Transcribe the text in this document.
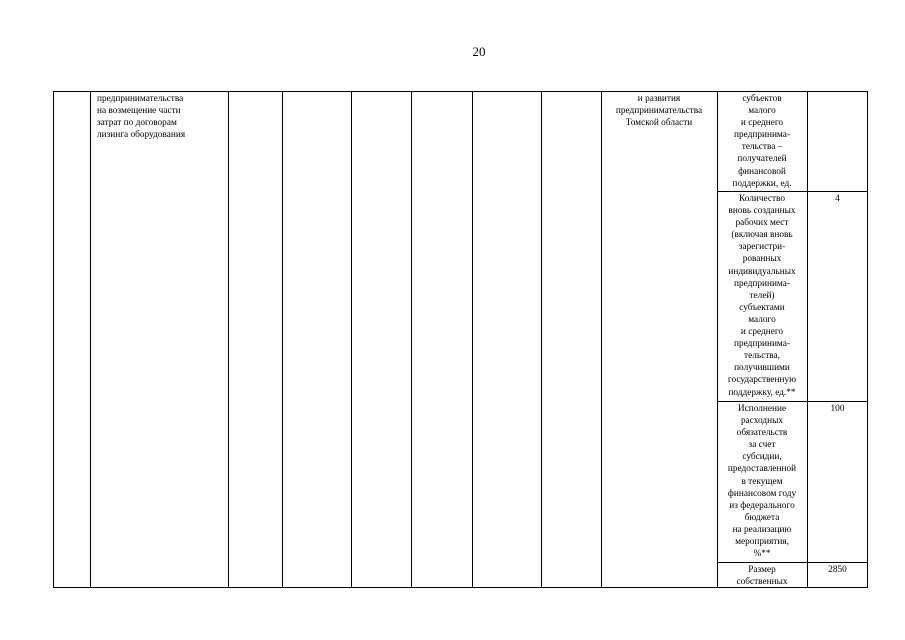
20
предпринимательства
на возмещение части
затрат по договорам
лизинга оборудования
и развития
предпринимательства
Томской области
субъектов
малого
и среднего
предпринима-
тельства –
получателей
финансовой
поддержки, ед.
Количество
вновь созданных
рабочих мест
(включая вновь
зарегистри-
рованных
индивидуальных
предпринима-
телей)
субъектами
малого
и среднего
предпринима-
тельства,
получившими
государственную
поддержку, ед.**
4
Исполнение
расходных
обязательств
за счет
субсидии,
предоставленной
в текущем
финансовом году
из федерального
бюджета
на реализацию
мероприятия,
%**
100
Размер
собственных
2850
